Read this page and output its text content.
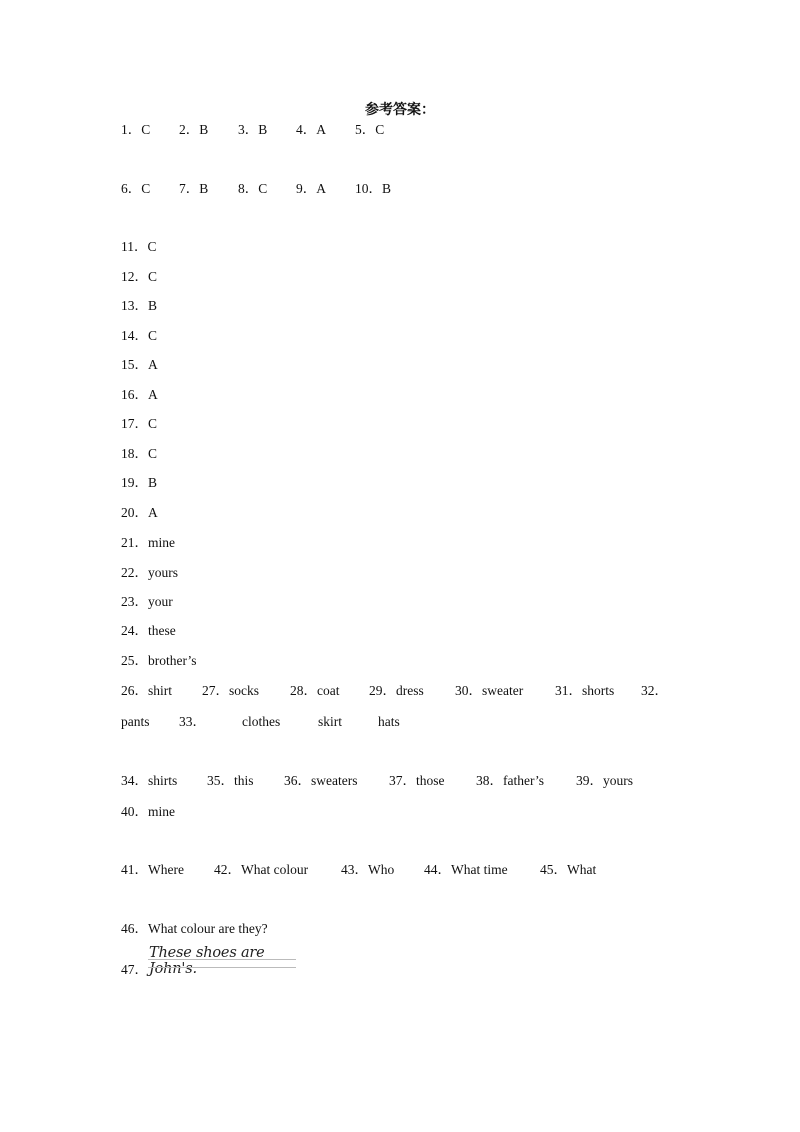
参考答案：
1．C 2．B 3．B 4．A 5．C
6．C 7．B 8．C 9．A 10．B
11．C
12．C
13．B
14．C
15．A
16．A
17．C
18．C
19．B
20．A
21．mine
22．yours
23．your
24．these
25．brother’s
26．shirt 27．socks 28．coat 29．dress 30．sweater 31．shorts 32．
pants 33．	clothes	skirt	hats
34．shirts 35．this 36．sweaters 37．those 38．father’s 39．yours
40．mine
41．Where 42．What colour 43．Who 44．What time 45．What
46．What colour are they?
47．
These shoes are John's.
